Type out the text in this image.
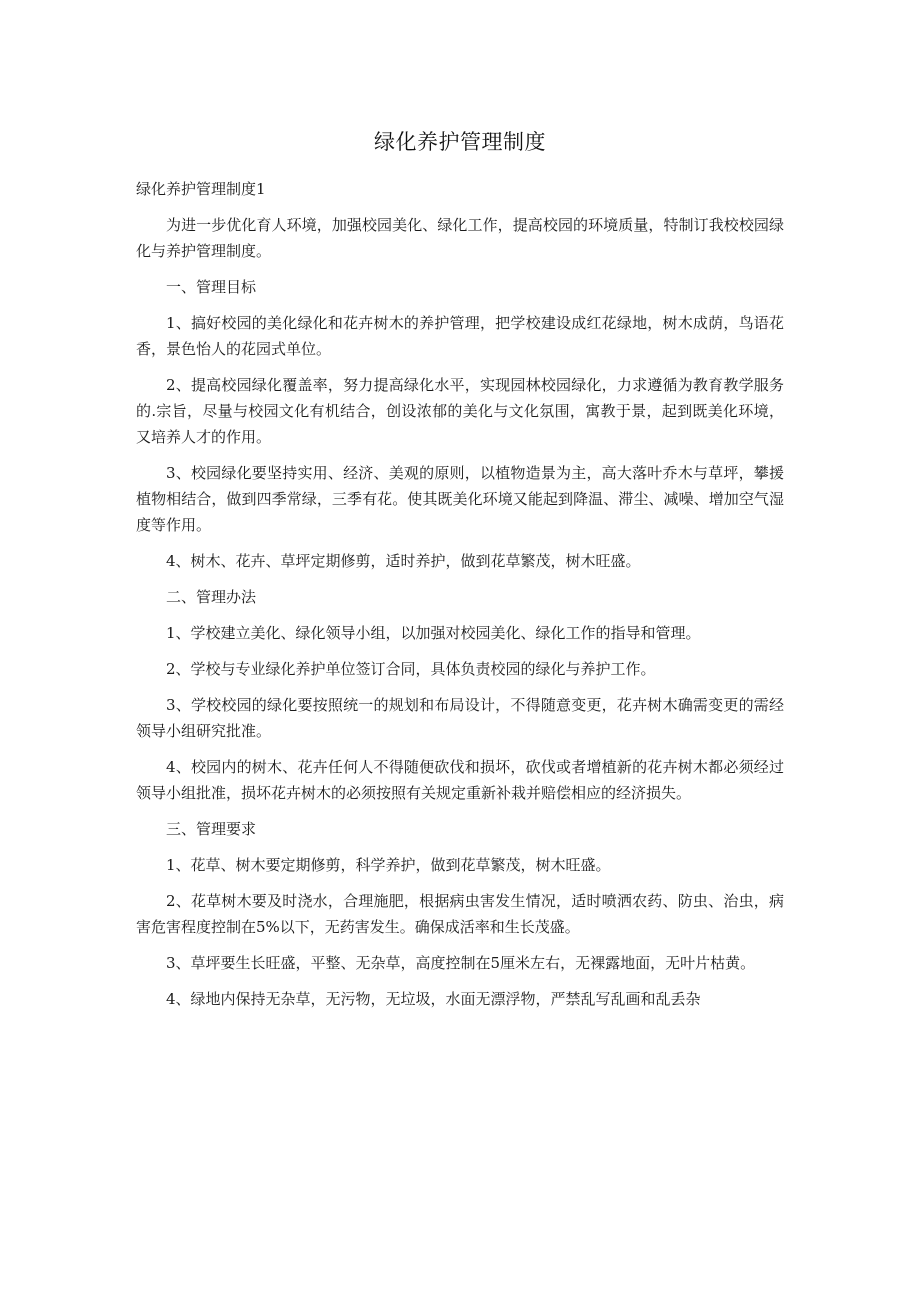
绿化养护管理制度
绿化养护管理制度1

为进一步优化育人环境，加强校园美化、绿化工作，提高校园的环境质量，特制订我校校园绿化与养护管理制度。

一、管理目标

1、搞好校园的美化绿化和花卉树木的养护管理，把学校建设成红花绿地，树木成荫，鸟语花香，景色怡人的花园式单位。

2、提高校园绿化覆盖率，努力提高绿化水平，实现园林校园绿化，力求遵循为教育教学服务的.宗旨，尽量与校园文化有机结合，创设浓郁的美化与文化氛围，寓教于景，起到既美化环境，又培养人才的作用。

3、校园绿化要坚持实用、经济、美观的原则，以植物造景为主，高大落叶乔木与草坪，攀援植物相结合，做到四季常绿，三季有花。使其既美化环境又能起到降温、滞尘、减噪、增加空气湿度等作用。

4、树木、花卉、草坪定期修剪，适时养护，做到花草繁茂，树木旺盛。

二、管理办法

1、学校建立美化、绿化领导小组，以加强对校园美化、绿化工作的指导和管理。

2、学校与专业绿化养护单位签订合同，具体负责校园的绿化与养护工作。

3、学校校园的绿化要按照统一的规划和布局设计，不得随意变更，花卉树木确需变更的需经领导小组研究批准。

4、校园内的树木、花卉任何人不得随便砍伐和损坏，砍伐或者增植新的花卉树木都必须经过领导小组批准，损坏花卉树木的必须按照有关规定重新补栽并赔偿相应的经济损失。

三、管理要求

1、花草、树木要定期修剪，科学养护，做到花草繁茂，树木旺盛。

2、花草树木要及时浇水，合理施肥，根据病虫害发生情况，适时喷洒农药、防虫、治虫，病害危害程度控制在5%以下，无药害发生。确保成活率和生长茂盛。

3、草坪要生长旺盛，平整、无杂草，高度控制在5厘米左右，无裸露地面，无叶片枯黄。

4、绿地内保持无杂草，无污物，无垃圾，水面无漂浮物，严禁乱写乱画和乱丢杂
